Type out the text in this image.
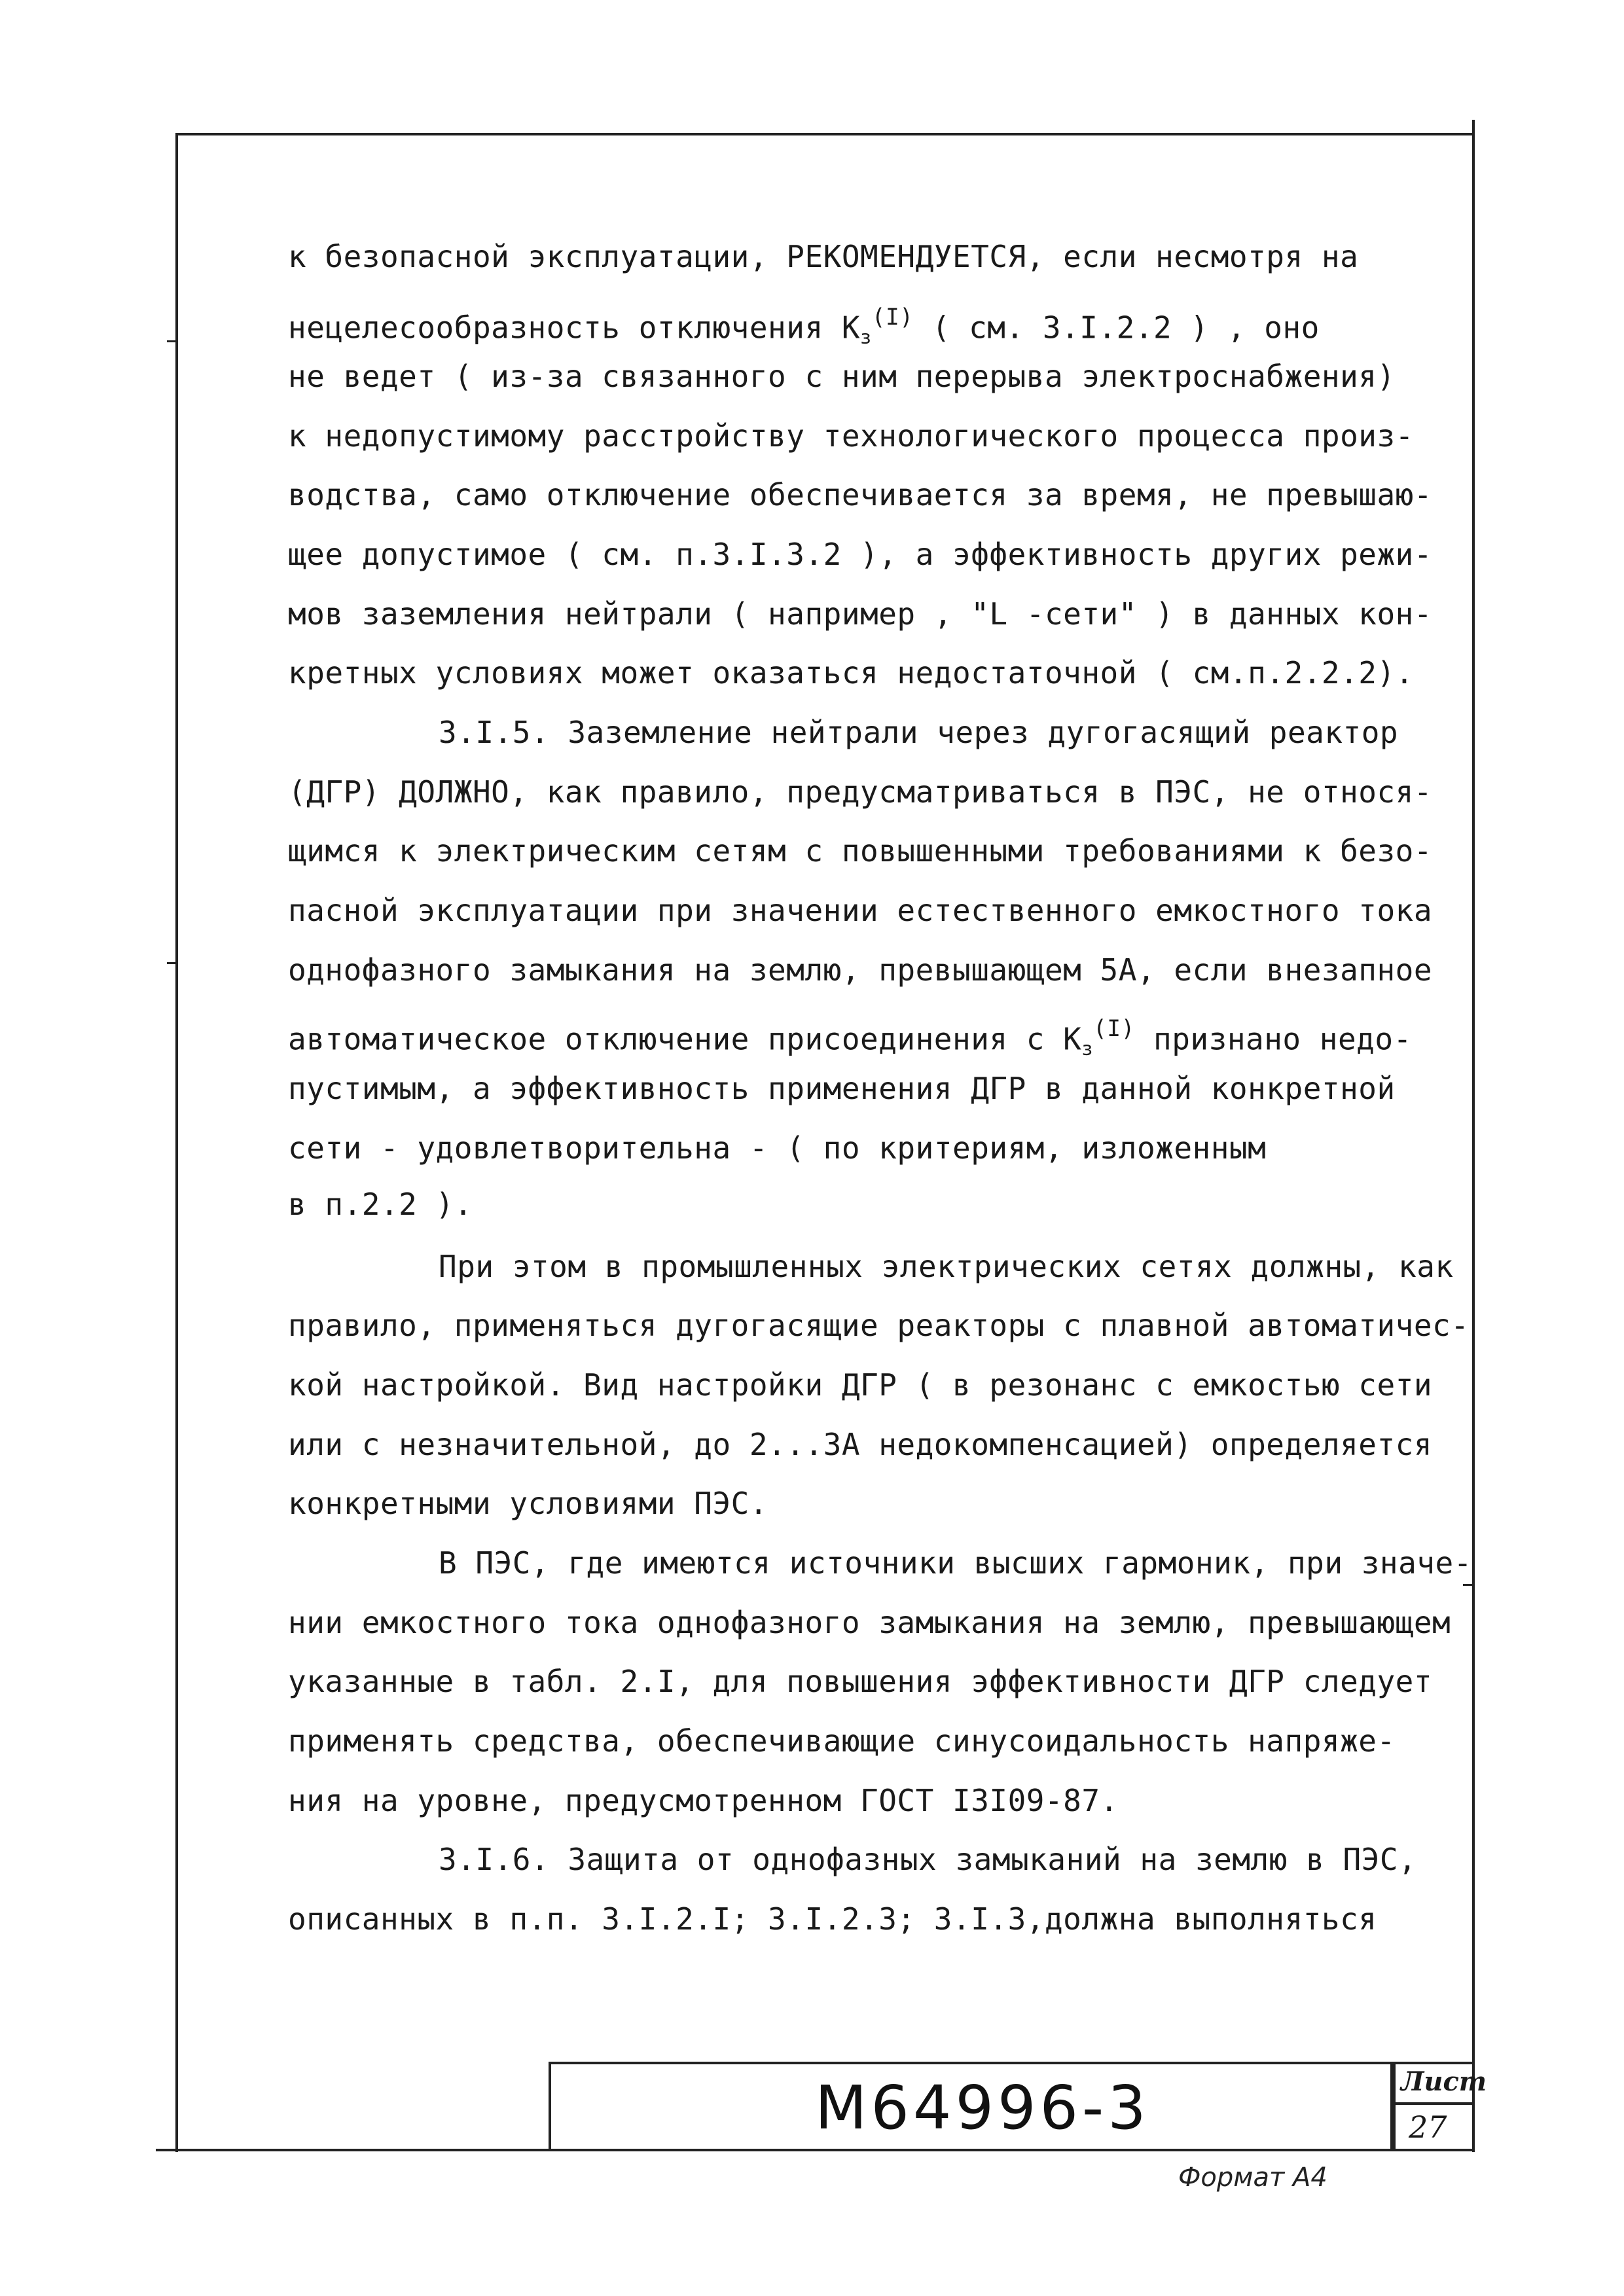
к безопасной эксплуатации, РЕКОМЕНДУЕТСЯ, если несмотря на
нецелесообразность отключения $К_з^{(I)}$ ( см. 3.I.2.2 ) , оно
не ведет ( из-за связанного с ним перерыва электроснабжения)
к недопустимому расстройству технологического процесса произ-
водства, само отключение обеспечивается за время, не превышаю-
щее допустимое ( см. п.3.I.3.2 ), а эффективность других режи-
мов заземления нейтрали ( например , "L -сети" ) в данных кон-
кретных условиях может оказаться недостаточной ( см.п.2.2.2).
3.I.5. Заземление нейтрали через дугогасящий реактор
(ДГР) ДОЛЖНО, как правило, предусматриваться в ПЭС, не относя-
щимся к электрическим сетям с повышенными требованиями к безо-
пасной эксплуатации при значении естественного емкостного тока
однофазного замыкания на землю, превышающем 5А, если внезапное
автоматическое отключение присоединения с $К_з^{(I)}$ признано недо-
пустимым, а эффективность применения ДГР в данной конкретной
сети - удовлетворительна - ( по критериям, изложенным
в п.2.2 ).
При этом в промышленных электрических сетях должны, как
правило, применяться дугогасящие реакторы с плавной автоматичес-
кой настройкой. Вид настройки ДГР ( в резонанс с емкостью сети
или с незначительной, до 2...3А недокомпенсацией) определяется
конкретными условиями ПЭС.
В ПЭС, где имеются источники высших гармоник, при значе-
нии емкостного тока однофазного замыкания на землю, превышающем
указанные в табл. 2.I, для повышения эффективности ДГР следует
применять средства, обеспечивающие синусоидальность напряже-
ния на уровне, предусмотренном ГОСТ I3I09-87.
3.I.6. Защита от однофазных замыканий на землю в ПЭС,
описанных в п.п. 3.I.2.I; 3.I.2.3; 3.I.3,должна выполняться
М64996-3	Лист
27
Формат А4
